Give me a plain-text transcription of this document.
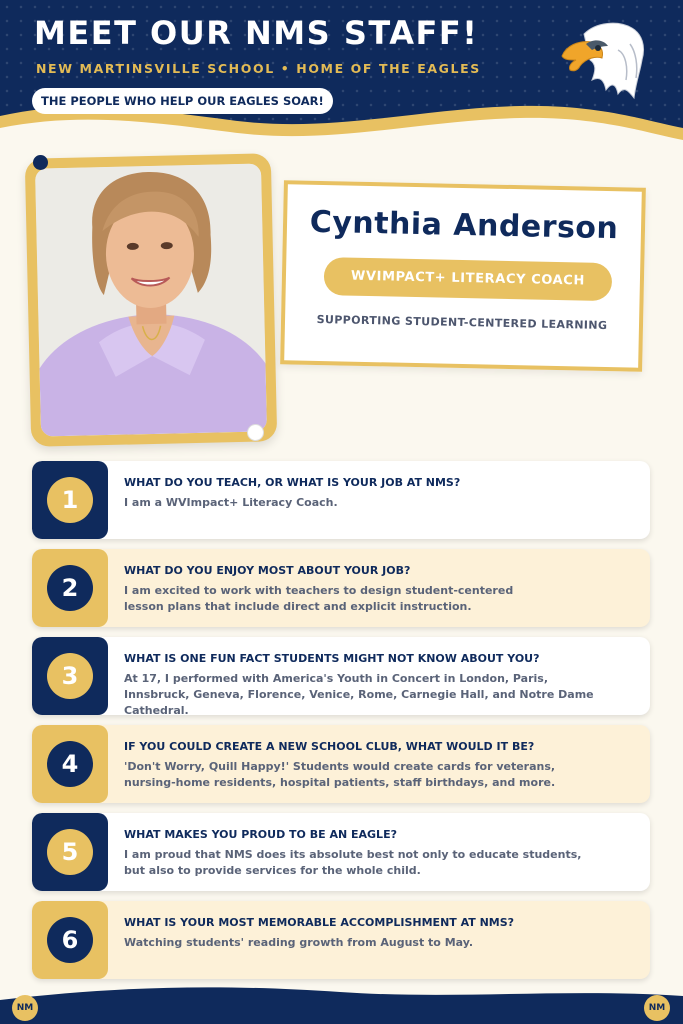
MEET OUR NMS STAFF!
NEW MARTINSVILLE SCHOOL • HOME OF THE EAGLES
THE PEOPLE WHO HELP OUR EAGLES SOAR!
Cynthia Anderson
WVIMPACT+ LITERACY COACH
SUPPORTING STUDENT-CENTERED LEARNING
1
WHAT DO YOU TEACH, OR WHAT IS YOUR JOB AT NMS?
I am a WVImpact+ Literacy Coach.
2
WHAT DO YOU ENJOY MOST ABOUT YOUR JOB?
I am excited to work with teachers to design student-centered lesson plans that include direct and explicit instruction.
3
WHAT IS ONE FUN FACT STUDENTS MIGHT NOT KNOW ABOUT YOU?
At 17, I performed with America's Youth in Concert in London, Paris, Innsbruck, Geneva, Florence, Venice, Rome, Carnegie Hall, and Notre Dame Cathedral.
4
IF YOU COULD CREATE A NEW SCHOOL CLUB, WHAT WOULD IT BE?
'Don't Worry, Quill Happy!' Students would create cards for veterans, nursing-home residents, hospital patients, staff birthdays, and more.
5
WHAT MAKES YOU PROUD TO BE AN EAGLE?
I am proud that NMS does its absolute best not only to educate students, but also to provide services for the whole child.
6
WHAT IS YOUR MOST MEMORABLE ACCOMPLISHMENT AT NMS?
Watching students' reading growth from August to May.
NM	NM
